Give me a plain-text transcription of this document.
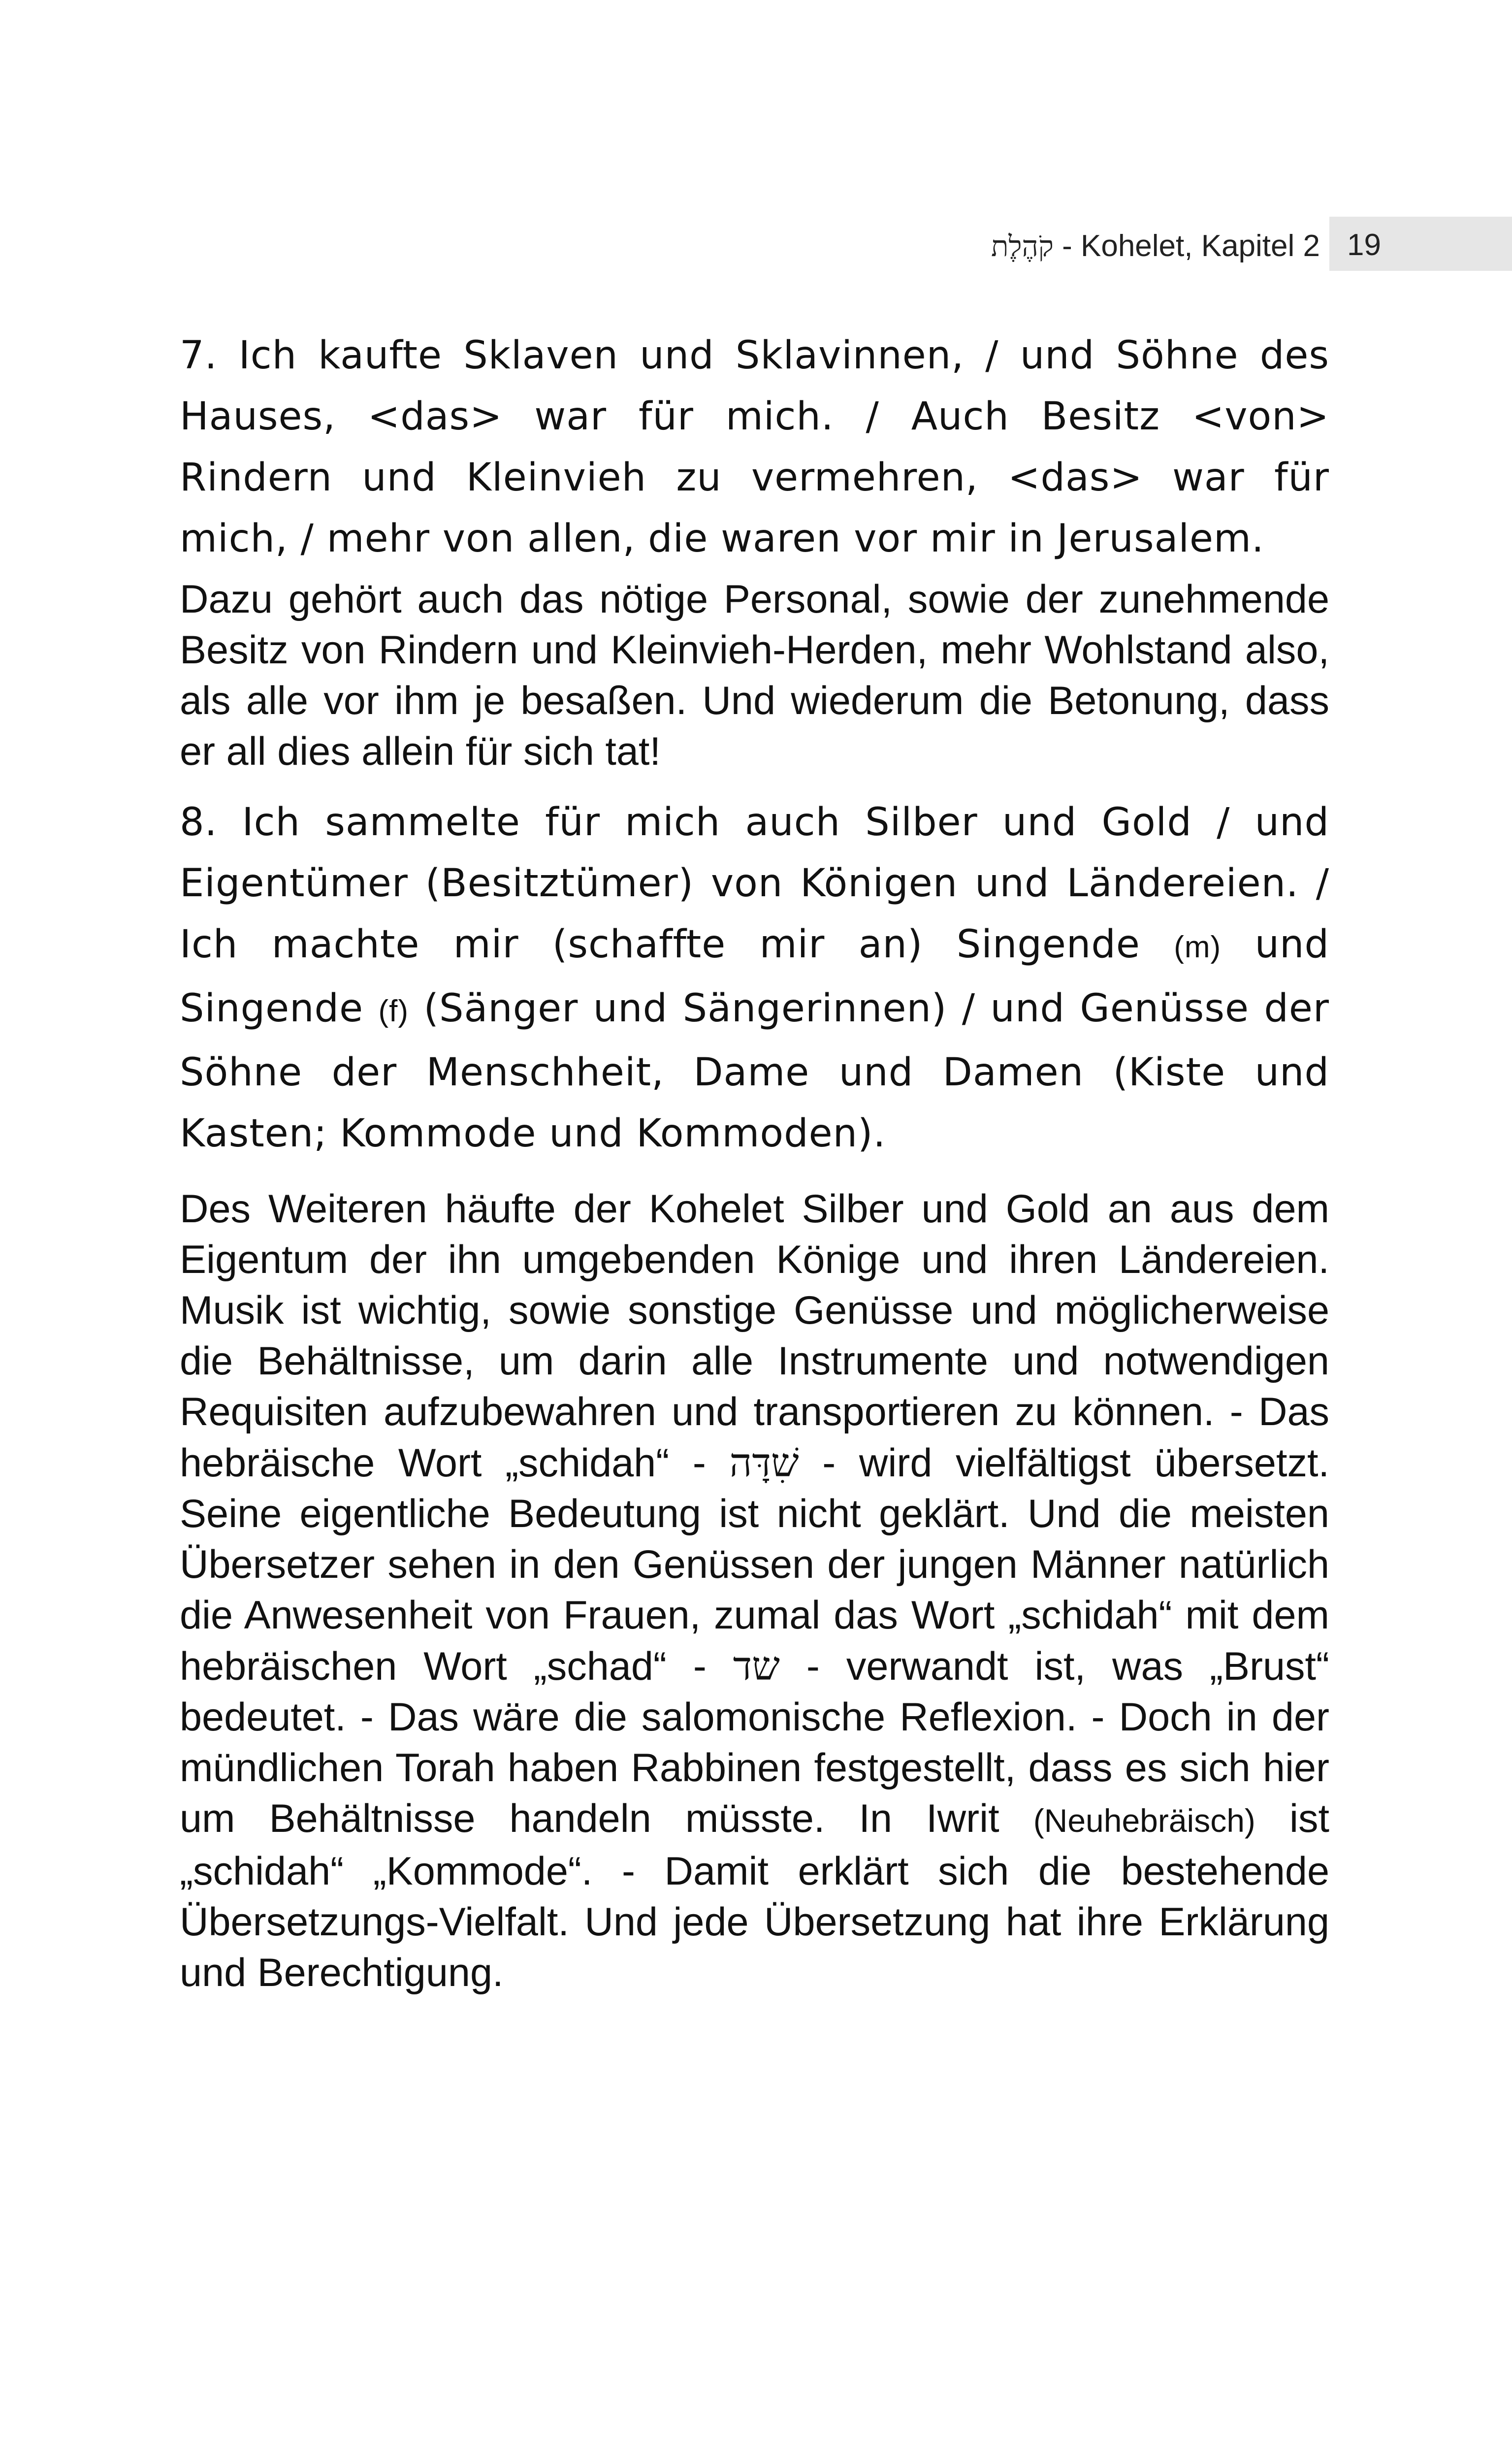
קֹהֶלֶת - Kohelet, Kapitel 2 19

7. Ich kaufte Sklaven und Sklavinnen, / und Söhne des Hauses, <das> war für mich. / Auch Besitz <von> Rindern und Kleinvieh zu vermehren, <das> war für mich, / mehr von allen, die waren vor mir in Jerusalem.

Dazu gehört auch das nötige Personal, sowie der zunehmende Besitz von Rindern und Kleinvieh-Herden, mehr Wohlstand also, als alle vor ihm je besaßen. Und wiederum die Betonung, dass er all dies allein für sich tat!

8. Ich sammelte für mich auch Silber und Gold / und Eigentümer (Besitztümer) von Königen und Ländereien. / Ich machte mir (schaffte mir an) Singende (m) und Singende (f) (Sänger und Sängerinnen) / und Genüsse der Söhne der Menschheit, Dame und Damen (Kiste und Kasten; Kommode und Kommoden).

Des Weiteren häufte der Kohelet Silber und Gold an aus dem Eigentum der ihn umgebenden Könige und ihren Ländereien. Musik ist wichtig, sowie sonstige Genüsse und möglicherweise die Behältnisse, um darin alle Instrumente und notwendigen Requisiten aufzubewahren und transportieren zu können. - Das hebräische Wort „schidah“ - שִׁדָּה - wird vielfältigst übersetzt. Seine eigentliche Bedeutung ist nicht geklärt. Und die meisten Übersetzer sehen in den Genüssen der jungen Männer natürlich die Anwesenheit von Frauen, zumal das Wort „schidah“ mit dem hebräischen Wort „schad“ - שד - verwandt ist, was „Brust“ bedeutet. - Das wäre die salomonische Reflexion. - Doch in der mündlichen Torah haben Rabbinen festgestellt, dass es sich hier um Behältnisse handeln müsste. In Iwrit (Neuhebräisch) ist „schidah“ „Kommode“. - Damit erklärt sich die bestehende Übersetzungs-Vielfalt. Und jede Übersetzung hat ihre Erklärung und Berechtigung.
